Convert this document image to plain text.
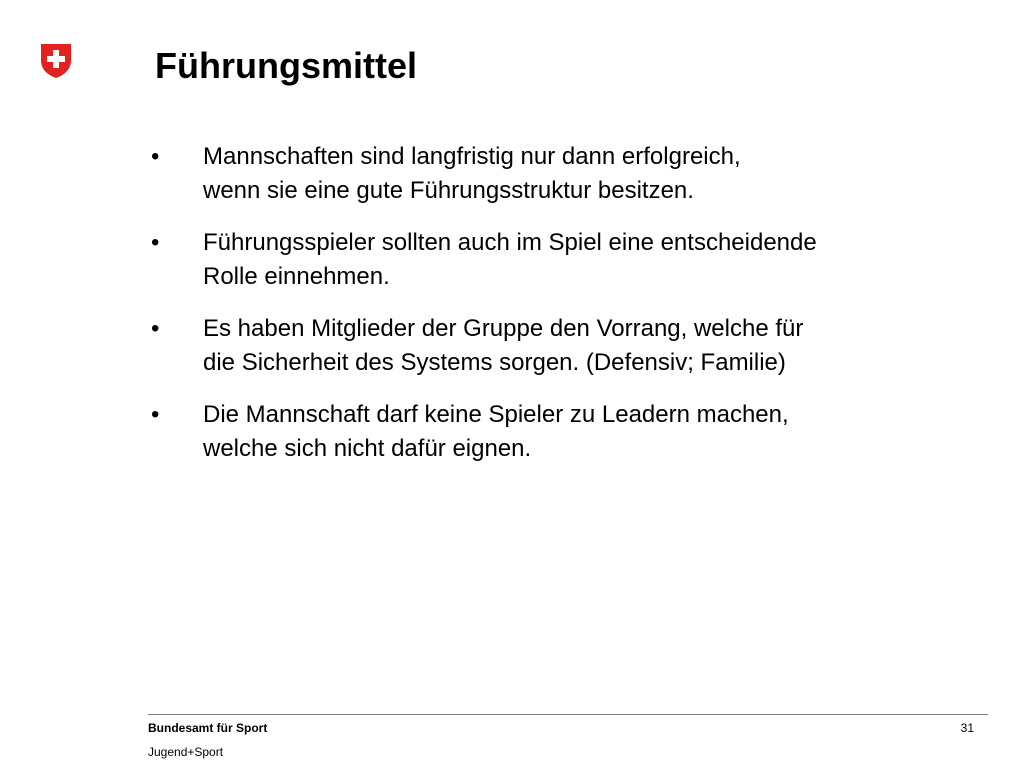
Führungsmittel
• Mannschaften sind langfristig nur dann erfolgreich,
wenn sie eine gute Führungsstruktur besitzen.
• Führungsspieler sollten auch im Spiel eine entscheidende
Rolle einnehmen.
• Es haben Mitglieder der Gruppe den Vorrang, welche für
die Sicherheit des Systems sorgen. (Defensiv; Familie)
• Die Mannschaft darf keine Spieler zu Leadern machen,
welche sich nicht dafür eignen.
Bundesamt für Sport
Jugend+Sport
31
